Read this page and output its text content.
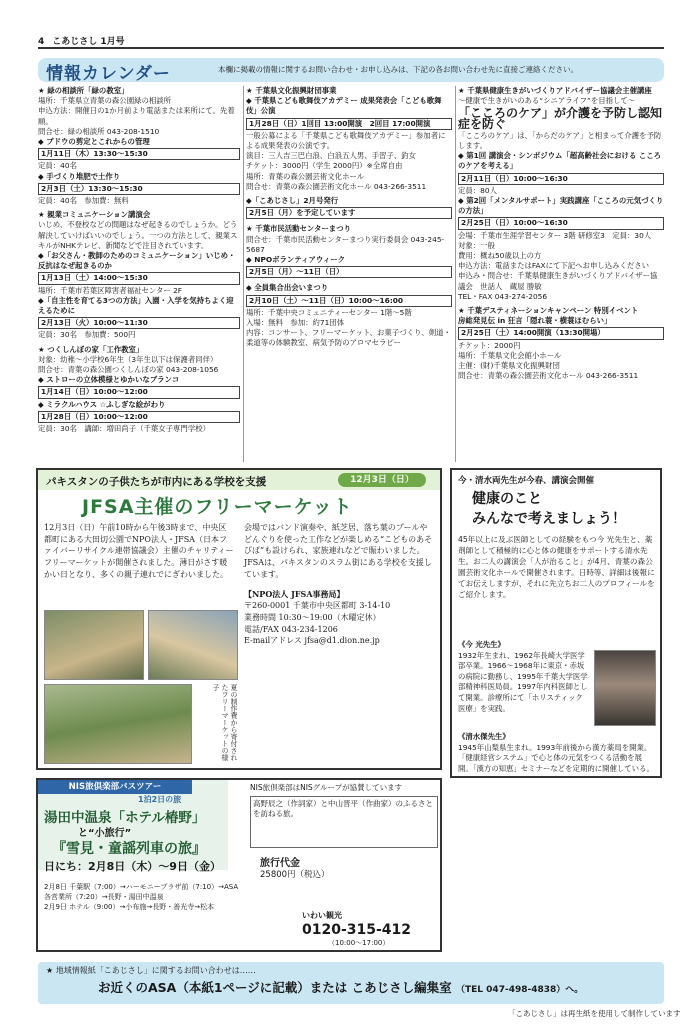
4 こあじさし 1月号
情報カレンダー	本欄に掲載の情報に関するお問い合わせ・お申し込みは、下記の各お問い合わせ先に直接ご連絡ください。
★ 緑の相談所「緑の教室」
場所：千葉県立青葉の森公園緑の相談所
申込方法：開催日の1か月前より電話または来所にて。先着順。
問合せ：緑の相談所 043-208-1510
◆ ブドウの剪定とこれからの管理
1月11日（木）13:30〜15:30
定員：40名
◆ 手づくり堆肥で土作り
2月3日（土）13:30〜15:30
定員：40名　参加費：無料
★ 親業コミュニケーション講演会
いじめ、不登校などの問題はなぜ起きるのでしょうか。どう解決していけばいいのでしょう。一つの方法として、親業スキルがNHKテレビ、新聞などで注目されています。
◆「お父さん・教師のためのコミュニケーション」いじめ・反抗はなぜ起きるのか
1月13日（土）14:00〜15:30
場所：千葉市若葉区障害者福祉センター 2F
◆「自主性を育てる3つの方法」入園・入学を気持ちよく迎えるために
2月13日（火）10:00〜11:30
定員：30名　参加費：500円
★ つくしんぼの家「工作教室」
対象：幼稚〜小学校6年生（3年生以下は保護者同伴）
問合せ：青葉の森公園つくしんぼの家 043-208-1056
◆ ストローの立体模様とゆかいなブランコ
1月14日（日）10:00〜12:00
◆ ミラクルハウス ☆ふしぎな絵がわり
1月28日（日）10:00〜12:00
定員：30名　講師：増田尚子（千葉女子専門学校）
★ 千葉県文化振興財団事業
◆ 千葉県こども歌舞伎アカデミー 成果発表会「こども歌舞伎」公演
1月28日（日）1回目 13:00開演　2回目 17:00開演
一般公募による「千葉県こども歌舞伎アカデミー」参加者による成果発表の公演です。
演目：三人吉三巴白浪、白浪五人男、手習子、釣女
チケット：3000円（学生 2000円）※全席自由
場所：青葉の森公園芸術文化ホール
問合せ：青葉の森公園芸術文化ホール 043-266-3511
◆「こあじさし」2月号発行
2月5日（月）を予定しています
★ 千葉市民活動センターまつり
問合せ：千葉市民活動センターまつり実行委員会 043-245-5687
◆ NPOボランティアウィーク
2月5日（月）〜11日（日）
◆ 全員集合出会いまつり
2月10日（土）〜11日（日）10:00〜16:00
場所：千葉中央コミュニティーセンター 1階〜5階
入場：無料　参加：約71団体
内容：コンサート、フリーマーケット、お菓子づくり、剣道・柔道等の体験教室、病気予防のアロマセラピー
★ 千葉県健康生きがいづくりアドバイザー協議会主催講座
〜健康で生きがいのある“シニアライフ”を目指して〜
「こころのケア」が介護を予防し認知症を防ぐ
「こころのケア」は、「からだのケア」と相まって介護を予防します。
◆ 第1回 講演会・シンポジウム「超高齢社会における こころのケアを考える」
2月11日（日）10:00〜16:30
定員：80人
◆ 第2回「メンタルサポート」実践講座「こころの元気づくりの方法」
2月25日（日）10:00〜16:30
会場：千葉市生涯学習センター 3階 研修室3　定員：30人
対象：一般
費用：概ね50歳以上の方
申込方法：電話またはFAXにて下記へお申し込みください
申込み・問合せ：千葉県健康生きがいづくりアドバイザー協議会　世話人　蔵屋 勝敏
TEL・FAX 043-274-2056
★ 千葉デスティネーションキャンペーン 特別イベント
房総発見伝 in 狂言「隠れ蓑・横蓑ほむらい」
2月25日（土）14:00開演（13:30開場）
チケット：2000円
場所：千葉県文化会館小ホール
主催：(財)千葉県文化振興財団
問合せ：青葉の森公園芸術文化ホール 043-266-3511
パキスタンの子供たちが市内にある学校を支援	12月3日（日）
JFSA主催のフリーマーケット
12月3日（日）午前10時から午後3時まで、中央区都町にある大田切公園でNPO法人・JFSA（日本ファイバーリサイクル連帯協議会）主催のチャリティーフリーマーケットが開催されました。薄日がさす暖かい日となり、多くの親子連れでにぎわいました。
夏の制作費から寄付されたフリーマーケットの様子
会場ではバンド演奏や、紙芝居、落ち葉のプールやどんぐりを使った工作などが楽しめる“こどものあそびば”も設けられ、家族連れなどで賑わいました。JFSAは、パキスタンのスラム街にある学校を支援しています。
【NPO法人 JFSA事務局】
〒260-0001 千葉市中央区都町 3-14-10
業務時間 10:30〜19:00（木曜定休）
電話/FAX 043-234-1206
E-mailアドレス jfsa@d1.dion.ne.jp
今・清水両先生が今春、講演会開催
健康のこと
みんなで考えましょう！
45年以上に及ぶ医師としての経験をもつ今 光先生と、薬剤師として積極的に心と体の健康をサポートする清水先生。お二人の講演会「人が治ること」が4月、青葉の森公園芸術文化ホールで開催されます。日時等、詳細は後報にてお伝えしますが、それに先立ちお二人のプロフィールをご紹介します。
《今 光先生》
1932年生まれ、1962年長崎大学医学部卒業。1966〜1968年に東京・赤坂の病院に勤務し、1995年千葉大学医学部精神科医局員。1997年内科医師として開業。診療所にて「ホリスティック医療」を実践。
《清水傑先生》
1945年山梨県生まれ。1993年前後から漢方薬局を開業。「健康経営システム」で心と体の元気をつくる活動を展開。「漢方の知恵」セミナーなどを定期的に開催している。
NIS旅倶楽部バスツアー
1泊2日の旅
NIS旅倶楽部はNISグループが協賛しています
湯田中温泉「ホテル椿野」
と“小旅行”
『雪見・童謡列車の旅』
日にち：2月8日（木）〜9日（金）
高野辰之（作詞家）と中山晋平（作曲家）のふるさとを訪ねる旅。
旅行代金
25800円（税込）
2月8日 千葉駅（7:00）→ハーモニープラザ前（7:10）→ASA各営業所（7:20）→長野・湯田中温泉
2月9日 ホテル（9:00）→小布施→長野・善光寺→松本
いわい観光
0120-315-412
（10:00〜17:00）
★ 地域情報紙「こあじさし」に関するお問い合わせは……
お近くのASA（本紙1ページに記載）または こあじさし編集室 （TEL 047-498-4838）へ。
「こあじさし」は再生紙を使用して制作しています
